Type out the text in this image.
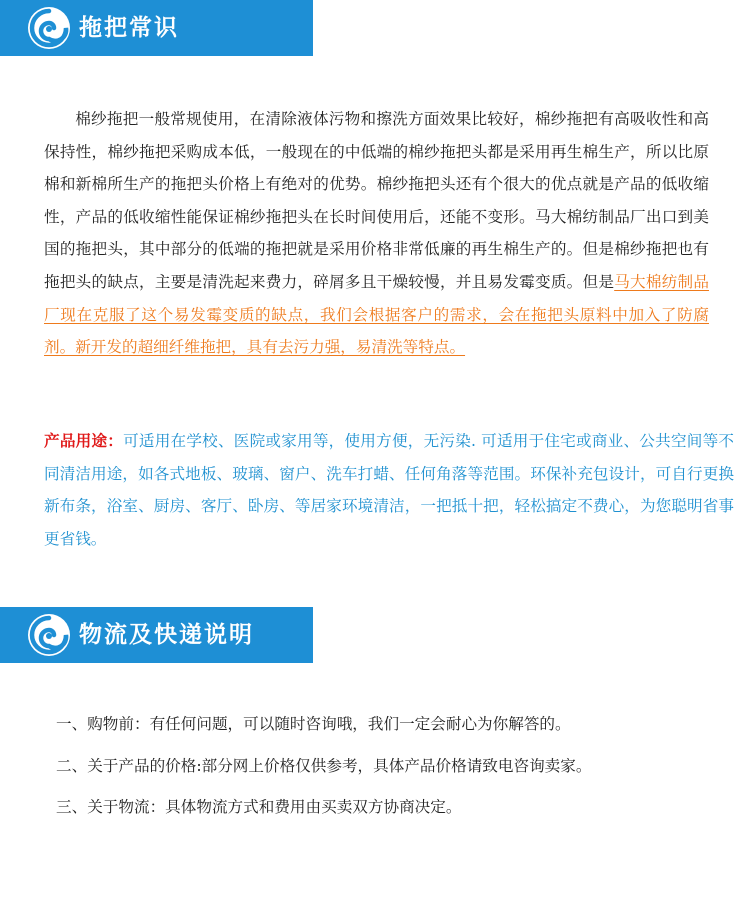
拖把常识
棉纱拖把一般常规使用，在清除液体污物和擦洗方面效果比较好，棉纱拖把有高吸收性和高保持性，棉纱拖把采购成本低，一般现在的中低端的棉纱拖把头都是采用再生棉生产，所以比原棉和新棉所生产的拖把头价格上有绝对的优势。棉纱拖把头还有个很大的优点就是产品的低收缩性，产品的低收缩性能保证棉纱拖把头在长时间使用后，还能不变形。马大棉纺制品厂出口到美国的拖把头，其中部分的低端的拖把就是采用价格非常低廉的再生棉生产的。但是棉纱拖把也有拖把头的缺点，主要是清洗起来费力，碎屑多且干燥较慢，并且易发霉变质。但是马大棉纺制品厂现在克服了这个易发霉变质的缺点，我们会根据客户的需求，会在拖把头原料中加入了防腐剂。新开发的超细纤维拖把，具有去污力强，易清洗等特点。
产品用途：可适用在学校、医院或家用等，使用方便，无污染. 可适用于住宅或商业、公共空间等不同清洁用途，如各式地板、玻璃、窗户、洗车打蜡、任何角落等范围。环保补充包设计，可自行更换新布条，浴室、厨房、客厅、卧房、等居家环境清洁，一把抵十把，轻松搞定不费心，为您聪明省事更省钱。
物流及快递说明
一、购物前：有任何问题，可以随时咨询哦，我们一定会耐心为你解答的。
二、关于产品的价格:部分网上价格仅供参考，具体产品价格请致电咨询卖家。
三、关于物流：具体物流方式和费用由买卖双方协商决定。
